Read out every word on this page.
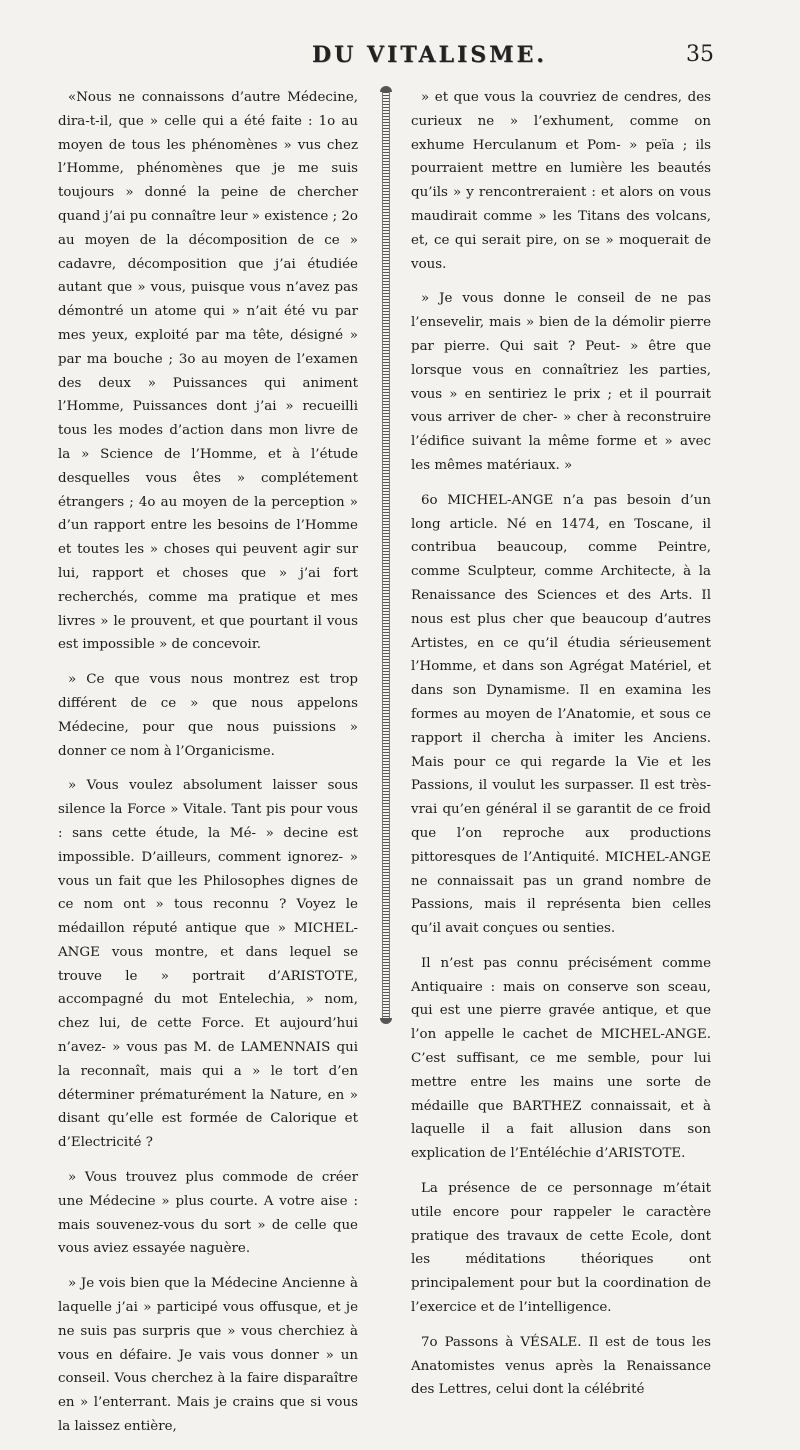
DU VITALISME.	35

«Nous ne connaissons d’autre Médecine, dira-t-il, que » celle qui a été faite : 1o au moyen de tous les phénomènes » vus chez l’Homme, phénomènes que je me suis toujours » donné la peine de chercher quand j’ai pu connaître leur » existence ; 2o au moyen de la décomposition de ce » cadavre, décomposition que j’ai étudiée autant que » vous, puisque vous n’avez pas démontré un atome qui » n’ait été vu par mes yeux, exploité par ma tête, désigné » par ma bouche ; 3o au moyen de l’examen des deux » Puissances qui animent l’Homme, Puissances dont j’ai » recueilli tous les modes d’action dans mon livre de la » Science de l’Homme, et à l’étude desquelles vous êtes » complétement étrangers ; 4o au moyen de la perception » d’un rapport entre les besoins de l’Homme et toutes les » choses qui peuvent agir sur lui, rapport et choses que » j’ai fort recherchés, comme ma pratique et mes livres » le prouvent, et que pourtant il vous est impossible » de concevoir.

» Ce que vous nous montrez est trop différent de ce » que nous appelons Médecine, pour que nous puissions » donner ce nom à l’Organicisme.

» Vous voulez absolument laisser sous silence la Force » Vitale. Tant pis pour vous : sans cette étude, la Mé- » decine est impossible. D’ailleurs, comment ignorez- » vous un fait que les Philosophes dignes de ce nom ont » tous reconnu ? Voyez le médaillon réputé antique que » MICHEL-ANGE vous montre, et dans lequel se trouve le » portrait d’ARISTOTE, accompagné du mot Entelechia, » nom, chez lui, de cette Force. Et aujourd’hui n’avez- » vous pas M. de LAMENNAIS qui la reconnaît, mais qui a » le tort d’en déterminer prématurément la Nature, en » disant qu’elle est formée de Calorique et d’Electricité ?

» Vous trouvez plus commode de créer une Médecine » plus courte. A votre aise : mais souvenez-vous du sort » de celle que vous aviez essayée naguère.

» Je vois bien que la Médecine Ancienne à laquelle j’ai » participé vous offusque, et je ne suis pas surpris que » vous cherchiez à vous en défaire. Je vais vous donner » un conseil. Vous cherchez à la faire disparaître en » l’enterrant. Mais je crains que si vous la laissez entière,

» et que vous la couvriez de cendres, des curieux ne » l’exhument, comme on exhume Herculanum et Pom- » peïa ; ils pourraient mettre en lumière les beautés qu’ils » y rencontreraient : et alors on vous maudirait comme » les Titans des volcans, et, ce qui serait pire, on se » moquerait de vous.

» Je vous donne le conseil de ne pas l’ensevelir, mais » bien de la démolir pierre par pierre. Qui sait ? Peut- » être que lorsque vous en connaîtriez les parties, vous » en sentiriez le prix ; et il pourrait vous arriver de cher- » cher à reconstruire l’édifice suivant la même forme et » avec les mêmes matériaux. »

6o MICHEL-ANGE n’a pas besoin d’un long article. Né en 1474, en Toscane, il contribua beaucoup, comme Peintre, comme Sculpteur, comme Architecte, à la Renaissance des Sciences et des Arts. Il nous est plus cher que beaucoup d’autres Artistes, en ce qu’il étudia sérieusement l’Homme, et dans son Agrégat Matériel, et dans son Dynamisme. Il en examina les formes au moyen de l’Anatomie, et sous ce rapport il chercha à imiter les Anciens. Mais pour ce qui regarde la Vie et les Passions, il voulut les surpasser. Il est très-vrai qu’en général il se garantit de ce froid que l’on reproche aux productions pittoresques de l’Antiquité. MICHEL-ANGE ne connaissait pas un grand nombre de Passions, mais il représenta bien celles qu’il avait conçues ou senties.

Il n’est pas connu précisément comme Antiquaire : mais on conserve son sceau, qui est une pierre gravée antique, et que l’on appelle le cachet de MICHEL-ANGE. C’est suffisant, ce me semble, pour lui mettre entre les mains une sorte de médaille que BARTHEZ connaissait, et à laquelle il a fait allusion dans son explication de l’Entéléchie d’ARISTOTE.

La présence de ce personnage m’était utile encore pour rappeler le caractère pratique des travaux de cette Ecole, dont les méditations théoriques ont principalement pour but la coordination de l’exercice et de l’intelligence.

7o Passons à VÉSALE. Il est de tous les Anatomistes venus après la Renaissance des Lettres, celui dont la célébrité
